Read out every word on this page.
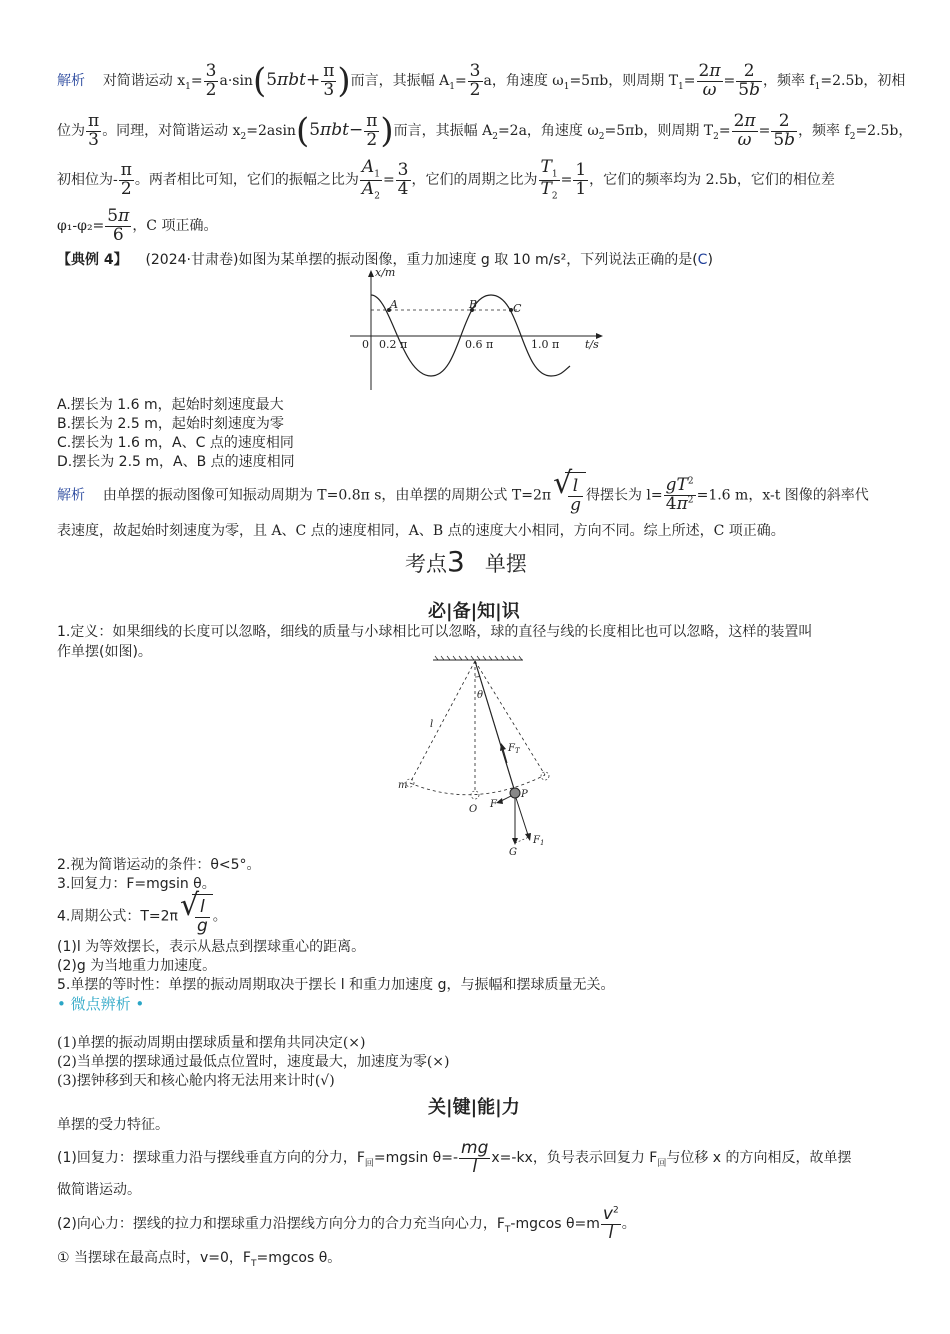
解析 对简谐运动 $x_1= \frac{3}{2} a\cdot\sin(5\pi bt+ \frac{\pi}{3}$ )而言，其振幅 $A_1= \frac{3}{2}$ a，角速度 $\omega_1=5\pi b$，则周期 $T_1= \frac{2\pi}{\omega} = \frac{2}{5b}$ ，频率 $f_1=2.5b$，初相
位为 $\frac{\pi}{3}$ 。同理，对简谐运动 $x_2=2asin(5\pi bt- \frac{\pi}{2}$ )而言，其振幅 $A_2=2a$，角速度 $\omega_2=5\pi b$，则周期 $T_2= \frac{2\pi}{\omega} = \frac{2}{5b}$ ，频率 $f_2=2.5b$，
初相位为- $\frac{\pi}{2}$ 。两者相比可知，它们的振幅之比为 $\frac{A_1}{A_2} = \frac{3}{4}$ ，它们的周期之比为 $\frac{T_1}{T_2} = \frac{1}{1}$ ，它们的频率均为 2.5b，它们的相位差
$\varphi_1-\varphi_2= \frac{5\pi}{6}$ ，C 项正确。
【典例 4】 (2024·甘肃卷)如图为某单摆的振动图像，重力加速度 g 取 10 m/s²，下列说法正确的是(C)
x/m
t/s
0 0.2 π	0.6 π	1.0 π
A	B	C
A.摆长为 1.6 m，起始时刻速度最大
B.摆长为 2.5 m，起始时刻速度为零
C.摆长为 1.6 m，A、C 点的速度相同
D.摆长为 2.5 m，A、B 点的速度相同
解析 由单摆的振动图像可知振动周期为 T=0.8π s，由单摆的周期公式 T=2π √
$\frac{l}{g}$ 得摆长为 $l= \frac{gT^2}{4\pi^2} =1.6$ m，x-t 图像的斜率代
表速度，故起始时刻速度为零，且 A、C 点的速度相同，A、B 点的速度大小相同，方向不同。综上所述，C 项正确。
考点3 单摆
必|备|知|识
1.定义：如果细线的长度可以忽略，细线的质量与小球相比可以忽略，球的直径与线的长度相比也可以忽略，这样的装置叫
作单摆(如图)。
θ
l
$F_T$
m
O F
P
$F_1$
G
2.视为简谐运动的条件：θ<5°。
3.回复力：F=mgsin θ。
4.周期公式：T=2π √
$\frac{l}{g}$ 。
(1)l 为等效摆长，表示从悬点到摆球重心的距离。
(2)g 为当地重力加速度。
5.单摆的等时性：单摆的振动周期取决于摆长 l 和重力加速度 g，与振幅和摆球质量无关。
• 微点辨析 •
(1)单摆的振动周期由摆球质量和摆角共同决定(×)
(2)当单摆的摆球通过最低点位置时，速度最大，加速度为零(×)
(3)摆钟移到天和核心舱内将无法用来计时(√)
关|键|能|力
单摆的受力特征。
(1)回复力：摆球重力沿与摆线垂直方向的分力，$F_回=mgsin$ $\theta=- \frac{mg}{l} x=-kx$，负号表示回复力 $F_回$与位移 x 的方向相反，故单摆
做简谐运动。
(2)向心力：摆线的拉力和摆球重力沿摆线方向分力的合力充当向心力，$F_T$-mgcos $\theta=m \frac{v^2}{l}$ 。
① 当摆球在最高点时，v=0，$F_T=mgcos$ θ。
